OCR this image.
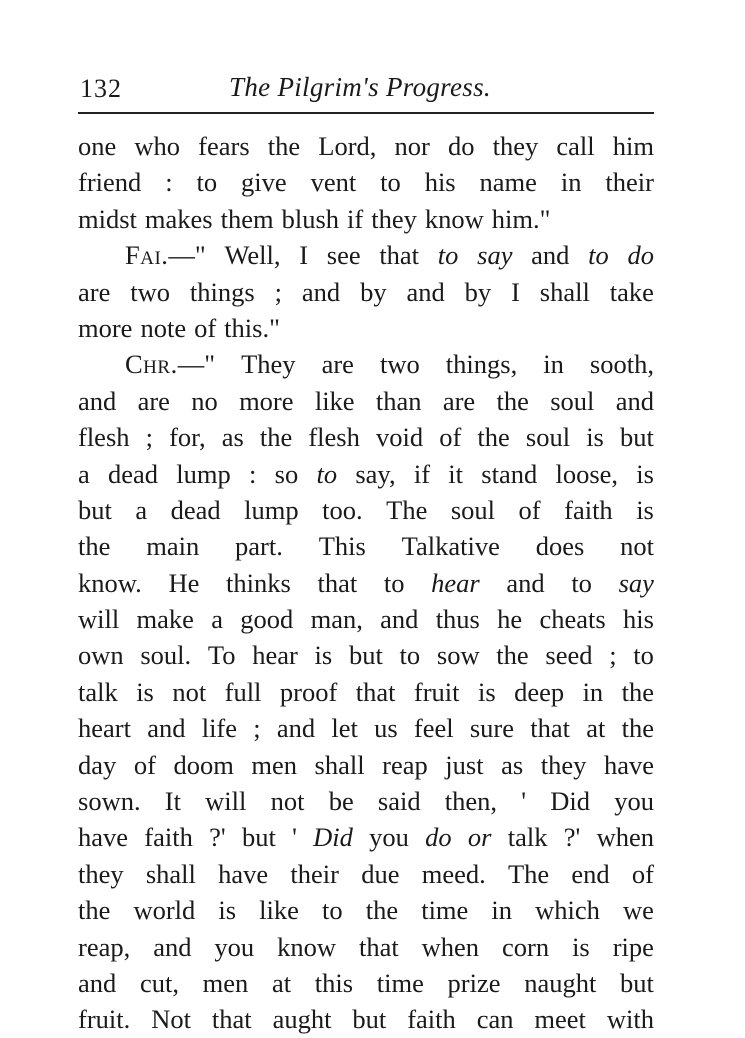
132	The Pilgrim's Progress.
one who fears the Lord, nor do they call him
friend : to give vent to his name in their
midst makes them blush if they know him."
Fai.—" Well, I see that to say and to do
are two things ; and by and by I shall take
more note of this."
Chr.—" They are two things, in sooth,
and are no more like than are the soul and
flesh ; for, as the flesh void of the soul is but
a dead lump : so to say, if it stand loose, is
but a dead lump too. The soul of faith is
the main part. This Talkative does not
know. He thinks that to hear and to say
will make a good man, and thus he cheats his
own soul. To hear is but to sow the seed ; to
talk is not full proof that fruit is deep in the
heart and life ; and let us feel sure that at the
day of doom men shall reap just as they have
sown. It will not be said then, ' Did you
have faith ?' but ' Did you do or talk ?' when
they shall have their due meed. The end of
the world is like to the time in which we
reap, and you know that when corn is ripe
and cut, men at this time prize naught but
fruit. Not that aught but faith can meet with
